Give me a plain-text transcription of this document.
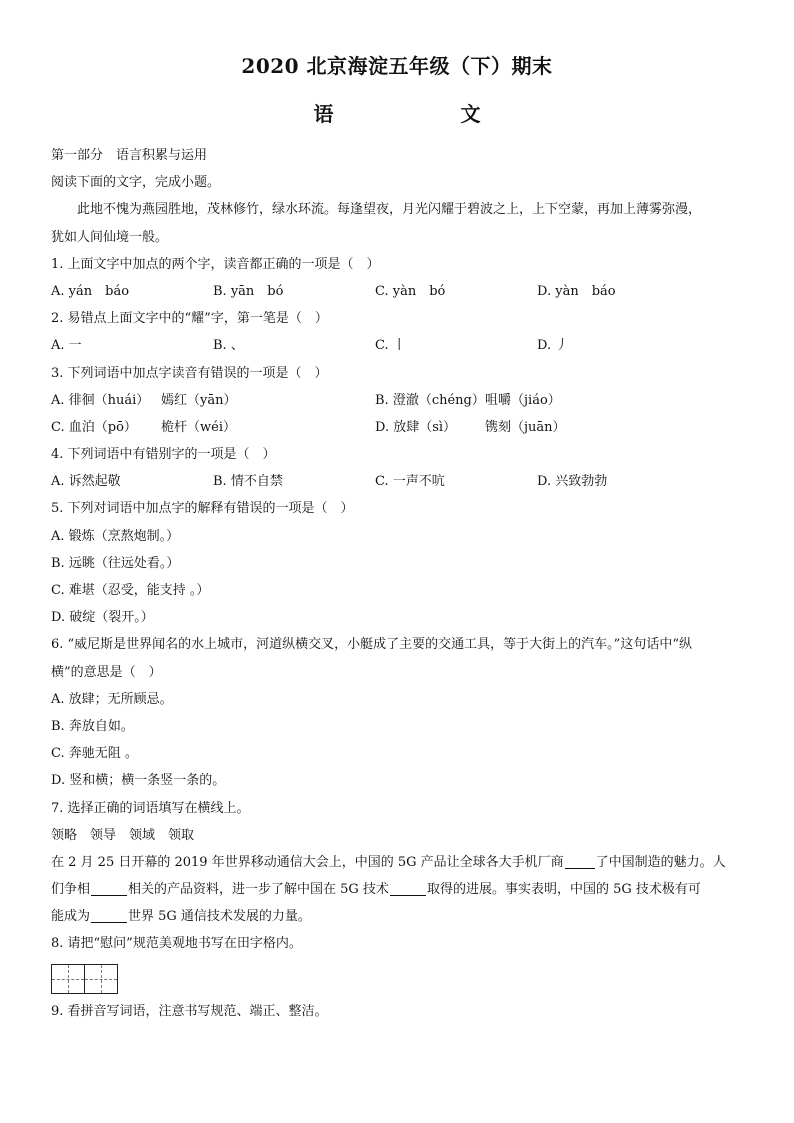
2020 北京海淀五年级（下）期末
语 文
第一部分　语言积累与运用
阅读下面的文字，完成小题。
此地不愧为燕园胜地，茂林修竹，绿水环流。每逢望夜，月光闪耀于碧波之上，上下空蒙，再加上薄雾弥漫，
犹如人间仙境一般。
1. 上面文字中加点的两个字，读音都正确的一项是（　）
A. yán　báo	B. yān　bó	C. yàn　bó	D. yàn　báo
2. 易错点上面文字中的“耀”字，第一笔是（　）
A. 一	B. 、	C. 丨	D. 丿
3. 下列词语中加点字读音有错误的一项是（　）
A. 徘徊（huái） 嫣红（yān）	B. 澄澈（chéng）咀嚼（jiáo）
C. 血泊（pō） 桅杆（wéi）	D. 放肆（sì） 镌刻（juān）
4. 下列词语中有错别字的一项是（　）
A. 诉然起敬	B. 情不自禁	C. 一声不吭	D. 兴致勃勃
5. 下列对词语中加点字的解释有错误的一项是（　）
A. 锻炼（烹熬炮制。）
B. 远眺（往远处看。）
C. 难堪（忍受，能支持 。）
D. 破绽（裂开。）
6. “威尼斯是世界闻名的水上城市，河道纵横交叉，小艇成了主要的交通工具，等于大街上的汽车。”这句话中“纵
横”的意思是（　）
A. 放肆；无所顾忌。
B. 奔放自如。
C. 奔驰无阻 。
D. 竖和横；横一条竖一条的。
7. 选择正确的词语填写在横线上。
领略　领导　领域　领取
在 2 月 25 日开幕的 2019 年世界移动通信大会上，中国的 5G 产品让全球各大手机厂商 了中国制造的魅力。人
们争相	相关的产品资料，进一步了解中国在 5G 技术	取得的进展。事实表明，中国的 5G 技术极有可
能成为	世界 5G 通信技术发展的力量。
8. 请把“慰问”规范美观地书写在田字格内。
9. 看拼音写词语，注意书写规范、端正、整洁。
